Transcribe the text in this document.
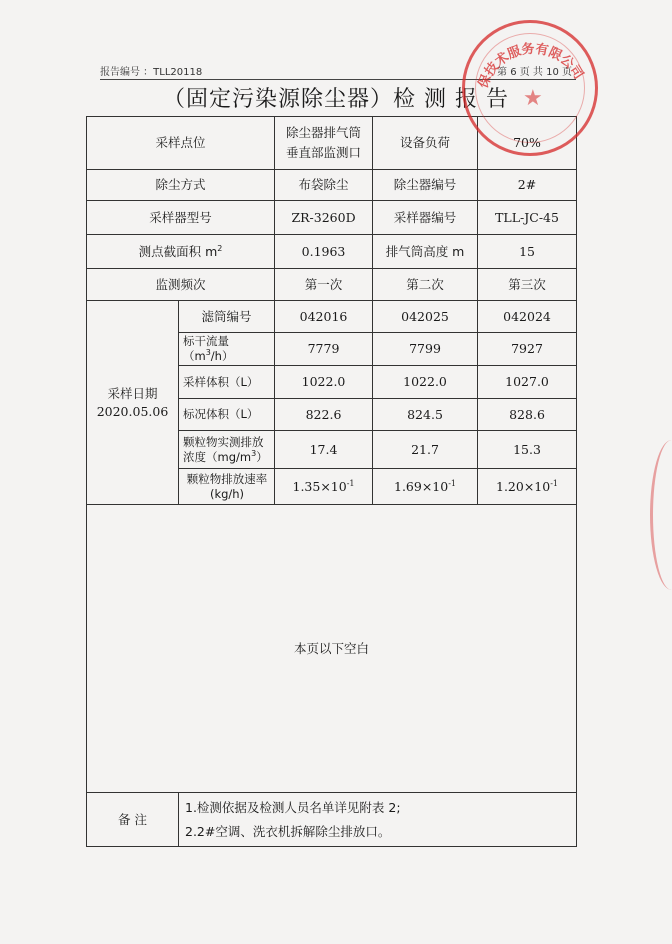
报告编号 ：TLL20118	第 6 页 共 10 页
（固定污染源除尘器）检 测 报 告
采样点位		除尘器排气筒垂直部监测口	设备负荷	70%
除尘方式		布袋除尘	除尘器编号	2#
采样器型号		ZR-3260D	采样器编号	TLL-JC-45
测点截面积 $m^2$		0.1963	排气筒高度 m	15
监测频次		第一次	第二次	第三次

采样日期
2020.05.06	滤筒编号	042016	042025	042024
	标干流量$(m^3/h)$	7779	7799	7927
	采样体积（L）	1022.0	1022.0	1027.0
	标况体积（L）	822.6	824.5	828.6
	颗粒物实测排放浓度$(mg/m^3)$	17.4	21.7	15.3
	颗粒物排放速率(kg/h)	$1.35\times 10^{-1}$	$1.69\times 10^{-1}$	$1.20\times 10^{-1}$
本页以下空白				
备 注	1.检测依据及检测人员名单详见附表 2;
2.2#空调、洗衣机拆解除尘排放口。			
保技术服务有限公司
★
